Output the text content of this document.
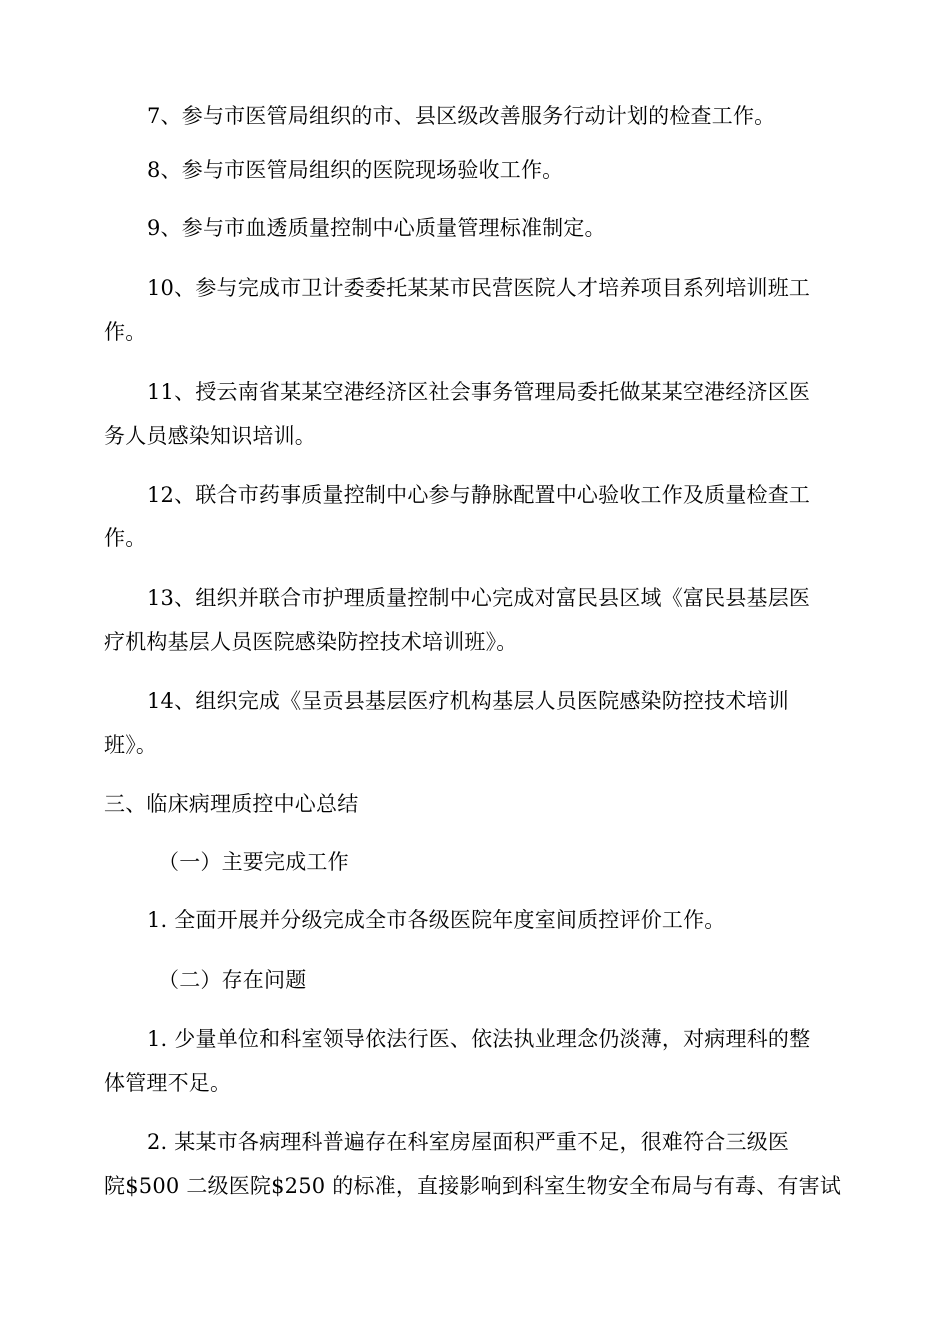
7、参与市医管局组织的市、县区级改善服务行动计划的检查工作。
8、参与市医管局组织的医院现场验收工作。
9、参与市血透质量控制中心质量管理标准制定。
10、参与完成市卫计委委托某某市民营医院人才培养项目系列培训班工
作。
11、授云南省某某空港经济区社会事务管理局委托做某某空港经济区医
务人员感染知识培训。
12、联合市药事质量控制中心参与静脉配置中心验收工作及质量检查工
作。
13、组织并联合市护理质量控制中心完成对富民县区域《富民县基层医
疗机构基层人员医院感染防控技术培训班》。
14、组织完成《呈贡县基层医疗机构基层人员医院感染防控技术培训
班》。
三、临床病理质控中心总结
（一）主要完成工作
1. 全面开展并分级完成全市各级医院年度室间质控评价工作。
（二）存在问题
1. 少量单位和科室领导依法行医、依法执业理念仍淡薄，对病理科的整
体管理不足。
2. 某某市各病理科普遍存在科室房屋面积严重不足，很难符合三级医
院$500 二级医院$250 的标准，直接影响到科室生物安全布局与有毒、有害试
